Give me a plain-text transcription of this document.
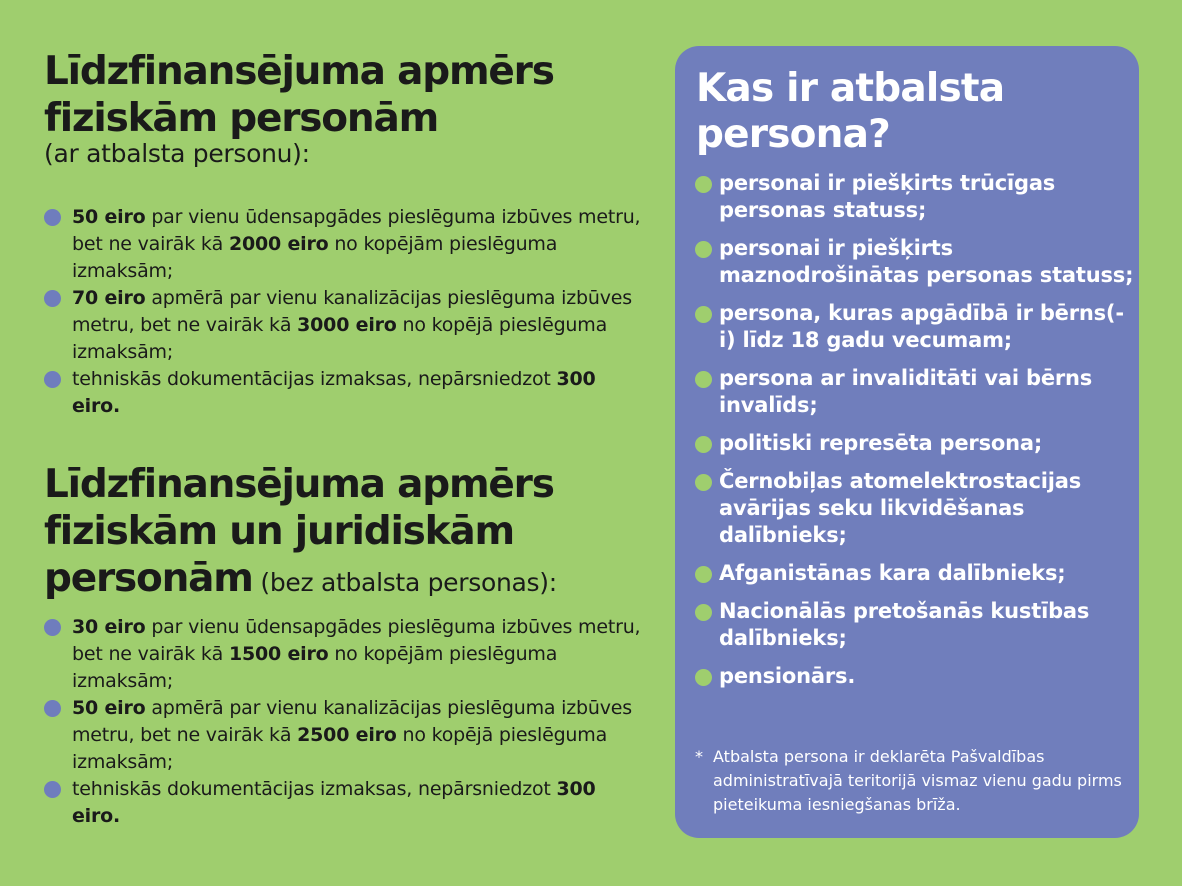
Līdzfinansējuma apmērs
fiziskām personām
(ar atbalsta personu):
50 eiro par vienu ūdensapgādes pieslēguma izbūves metru, bet ne vairāk kā 2000 eiro no kopējām pieslēguma izmaksām;
70 eiro apmērā par vienu kanalizācijas pieslēguma izbūves metru, bet ne vairāk kā 3000 eiro no kopējā pieslēguma izmaksām;
tehniskās dokumentācijas izmaksas, nepārsniedzot 300 eiro.
Līdzfinansējuma apmērs
fiziskām un juridiskām
personām (bez atbalsta personas):
30 eiro par vienu ūdensapgādes pieslēguma izbūves metru, bet ne vairāk kā 1500 eiro no kopējām pieslēguma izmaksām;
50 eiro apmērā par vienu kanalizācijas pieslēguma izbūves metru, bet ne vairāk kā 2500 eiro no kopējā pieslēguma izmaksām;
tehniskās dokumentācijas izmaksas, nepārsniedzot 300 eiro.
Kas ir atbalsta
persona?
personai ir piešķirts trūcīgas personas statuss;
personai ir piešķirts maznodrošinātas personas statuss;
persona, kuras apgādībā ir bērns(-i) līdz 18 gadu vecumam;
persona ar invaliditāti vai bērns invalīds;
politiski represēta persona;
Černobiļas atomelektrostacijas avārijas seku likvidēšanas dalībnieks;
Afganistānas kara dalībnieks;
Nacionālās pretošanās kustības dalībnieks;
pensionārs.
* Atbalsta persona ir deklarēta Pašvaldības administratīvajā teritorijā vismaz vienu gadu pirms pieteikuma iesniegšanas brīža.
